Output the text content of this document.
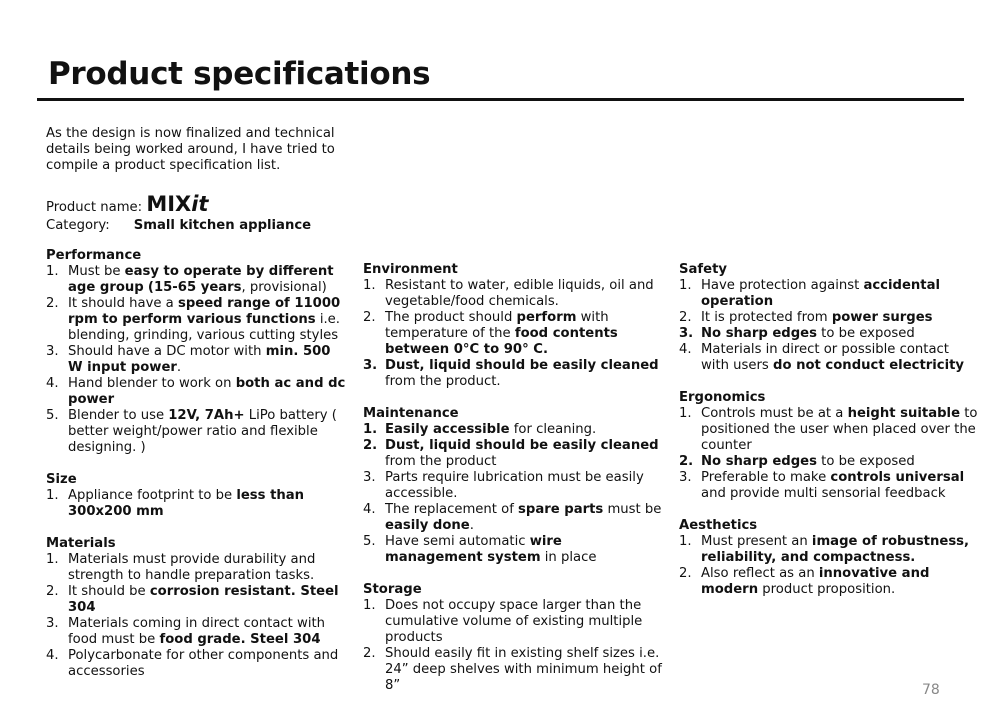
Product specifications

As the design is now finalized and technical details being worked around, I have tried to compile a product specification list.

Product name: MIXit

Category: Small kitchen appliance

Performance
1. Must be easy to operate by different age group (15-65 years, provisional)
2. It should have a speed range of 11000 rpm to perform various functions i.e. blending, grinding, various cutting styles
3. Should have a DC motor with min. 500 W input power.
4. Hand blender to work on both ac and dc power
5. Blender to use 12V, 7Ah+ LiPo battery ( better weight/power ratio and flexible designing. )
Size
1. Appliance footprint to be less than 300x200 mm
Materials
1. Materials must provide durability and strength to handle preparation tasks.
2. It should be corrosion resistant. Steel 304
3. Materials coming in direct contact with food must be food grade. Steel 304
4. Polycarbonate for other components and accessories
Environment
1. Resistant to water, edible liquids, oil and vegetable/food chemicals.
2. The product should perform with temperature of the food contents between 0°C to 90° C.
3. Dust, liquid should be easily cleaned from the product.
Maintenance
1. Easily accessible for cleaning.
2. Dust, liquid should be easily cleaned from the product
3. Parts require lubrication must be easily accessible.
4. The replacement of spare parts must be easily done.
5. Have semi automatic wire management system in place
Storage
1. Does not occupy space larger than the cumulative volume of existing multiple products
2. Should easily fit in existing shelf sizes i.e. 24” deep shelves with minimum height of 8”
Safety
1. Have protection against accidental operation
2. It is protected from power surges
3. No sharp edges to be exposed
4. Materials in direct or possible contact with users do not conduct electricity
Ergonomics
1. Controls must be at a height suitable to positioned the user when placed over the counter
2. No sharp edges to be exposed
3. Preferable to make controls universal and provide multi sensorial feedback
Aesthetics
1. Must present an image of robustness, reliability, and compactness.
2. Also reflect as an innovative and modern product proposition.
78
